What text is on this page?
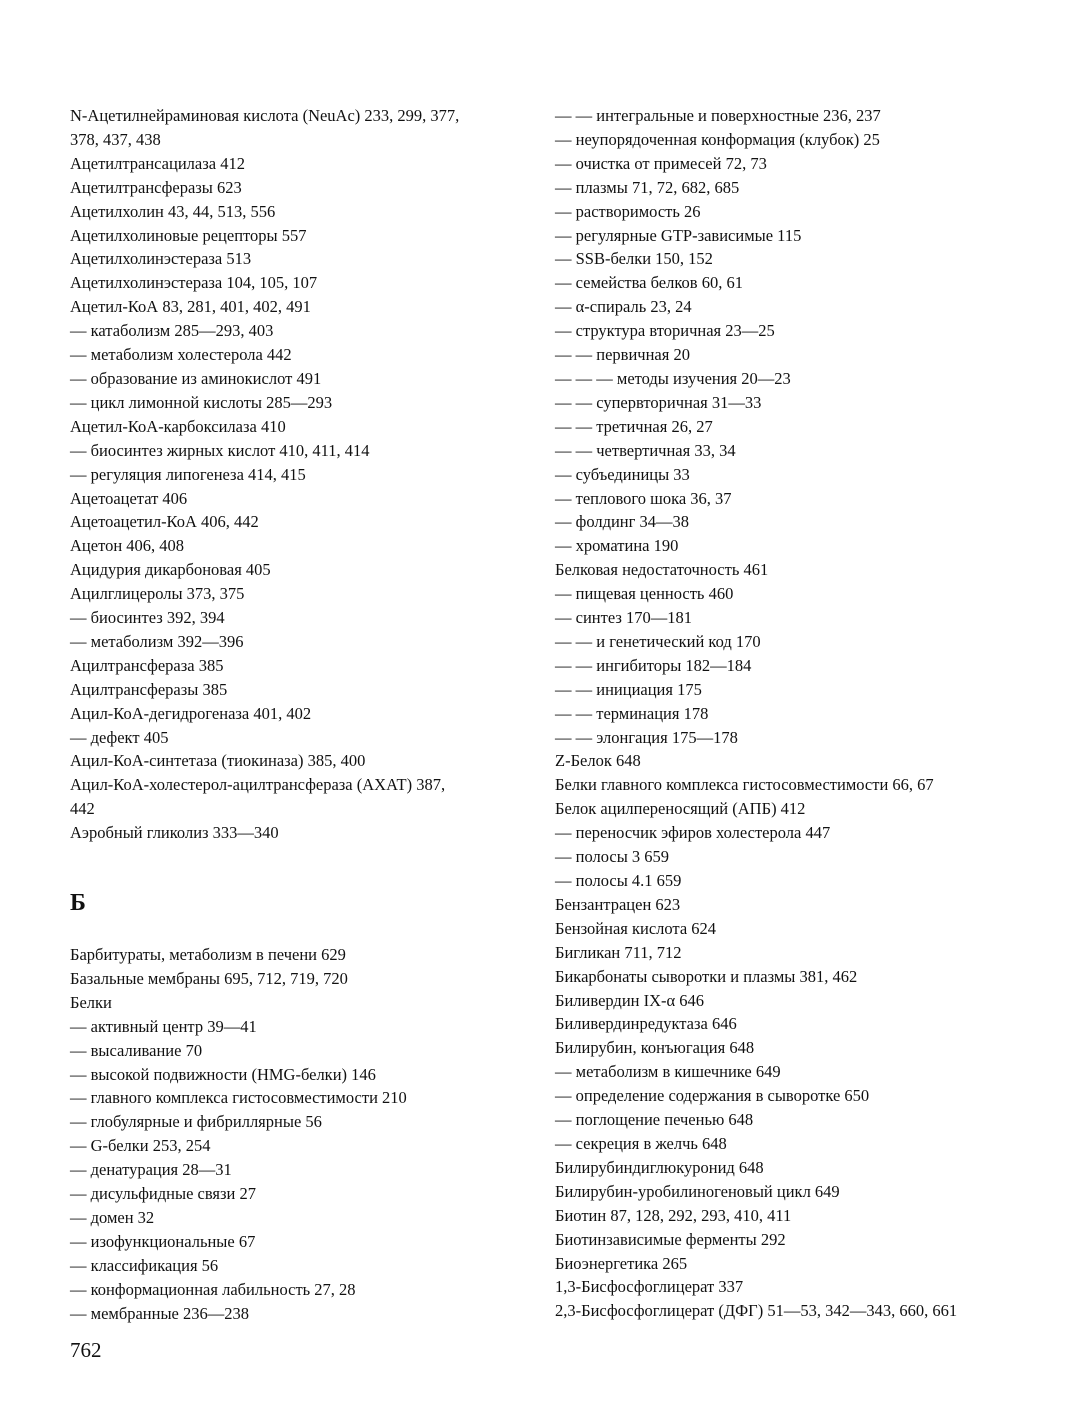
N-Ацетилнейраминовая кислота (NeuAc) 233, 299, 377,
378, 437, 438
Ацетилтрансацилаза 412
Ацетилтрансферазы 623
Ацетилхолин 43, 44, 513, 556
Ацетилхолиновые рецепторы 557
Ацетилхолинэстераза 513
Ацетилхолинэстераза 104, 105, 107
Ацетил-КоА 83, 281, 401, 402, 491
— катаболизм 285—293, 403
— метаболизм холестерола 442
— образование из аминокислот 491
— цикл лимонной кислоты 285—293
Ацетил-КоА-карбоксилаза 410
— биосинтез жирных кислот 410, 411, 414
— регуляция липогенеза 414, 415
Ацетоацетат 406
Ацетоацетил-КоА 406, 442
Ацетон 406, 408
Ацидурия дикарбоновая 405
Ацилглицеролы 373, 375
— биосинтез 392, 394
— метаболизм 392—396
Ацилтрансфераза 385
Ацилтрансферазы 385
Ацил-КоА-дегидрогеназа 401, 402
— дефект 405
Ацил-КоА-синтетаза (тиокиназа) 385, 400
Ацил-КоА-холестерол-ацилтрансфераза (АХАТ) 387,
442
Аэробный гликолиз 333—340
Б
Барбитураты, метаболизм в печени 629
Базальные мембраны 695, 712, 719, 720
Белки
— активный центр 39—41
— высаливание 70
— высокой подвижности (HMG-белки) 146
— главного комплекса гистосовместимости 210
— глобулярные и фибриллярные 56
— G-белки 253, 254
— денатурация 28—31
— дисульфидные связи 27
— домен 32
— изофункциональные 67
— классификация 56
— конформационная лабильность 27, 28
— мембранные 236—238
— — интегральные и поверхностные 236, 237
— неупорядоченная конформация (клубок) 25
— очистка от примесей 72, 73
— плазмы 71, 72, 682, 685
— растворимость 26
— регулярные GTP-зависимые 115
— SSB-белки 150, 152
— семейства белков 60, 61
— α-спираль 23, 24
— структура вторичная 23—25
— — первичная 20
— — — методы изучения 20—23
— — супервторичная 31—33
— — третичная 26, 27
— — четвертичная 33, 34
— субъединицы 33
— теплового шока 36, 37
— фолдинг 34—38
— хроматина 190
Белковая недостаточность 461
— пищевая ценность 460
— синтез 170—181
— — и генетический код 170
— — ингибиторы 182—184
— — инициация 175
— — терминация 178
— — элонгация 175—178
Z-Белок 648
Белки главного комплекса гистосовместимости 66, 67
Белок ацилпереносящий (АПБ) 412
— переносчик эфиров холестерола 447
— полосы 3 659
— полосы 4.1 659
Бензантрацен 623
Бензойная кислота 624
Бигликан 711, 712
Бикарбонаты сыворотки и плазмы 381, 462
Биливердин IX-α 646
Биливердинредуктаза 646
Билирубин, конъюгация 648
— метаболизм в кишечнике 649
— определение содержания в сыворотке 650
— поглощение печенью 648
— секреция в желчь 648
Билирубиндиглюкуронид 648
Билирубин-уробилиногеновый цикл 649
Биотин 87, 128, 292, 293, 410, 411
Биотинзависимые ферменты 292
Биоэнергетика 265
1,3-Бисфосфоглицерат 337
2,3-Бисфосфоглицерат (ДФГ) 51—53, 342—343, 660, 661
762
